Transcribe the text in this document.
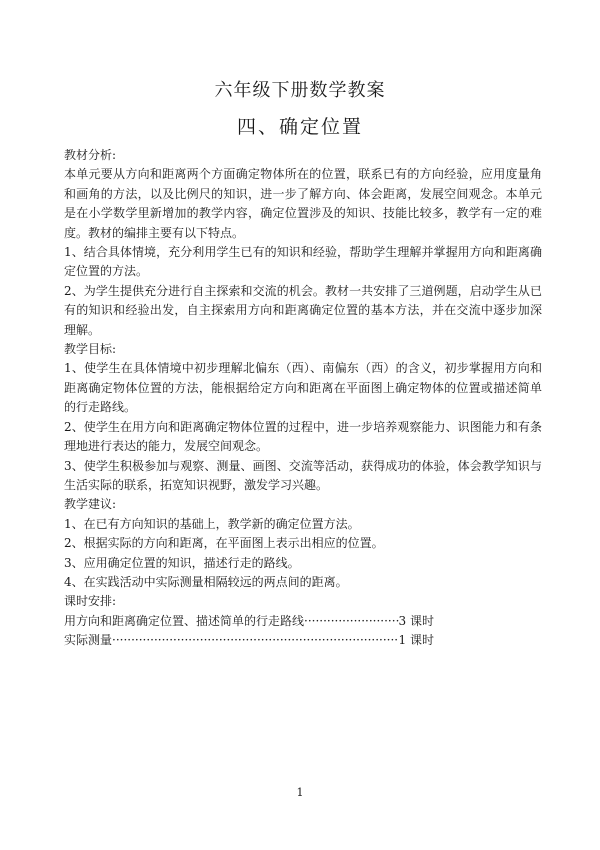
六年级下册数学教案
四、确定位置

教材分析:

本单元要从方向和距离两个方面确定物体所在的位置，联系已有的方向经验，应用度量角和画角的方法，以及比例尺的知识，进一步了解方向、体会距离，发展空间观念。本单元是在小学数学里新增加的教学内容，确定位置涉及的知识、技能比较多，教学有一定的难度。教材的编排主要有以下特点。

1、结合具体情境，充分利用学生已有的知识和经验，帮助学生理解并掌握用方向和距离确定位置的方法。

2、为学生提供充分进行自主探索和交流的机会。教材一共安排了三道例题，启动学生从已有的知识和经验出发，自主探索用方向和距离确定位置的基本方法，并在交流中逐步加深理解。

教学目标:

1、使学生在具体情境中初步理解北偏东（西）、南偏东（西）的含义，初步掌握用方向和距离确定物体位置的方法，能根据给定方向和距离在平面图上确定物体的位置或描述简单的行走路线。

2、使学生在用方向和距离确定物体位置的过程中，进一步培养观察能力、识图能力和有条理地进行表达的能力，发展空间观念。

3、使学生积极参加与观察、测量、画图、交流等活动，获得成功的体验，体会教学知识与生活实际的联系，拓宽知识视野，激发学习兴趣。

教学建议:

1、在已有方向知识的基础上，教学新的确定位置方法。

2、根据实际的方向和距离，在平面图上表示出相应的位置。

3、应用确定位置的知识，描述行走的路线。

4、在实践活动中实际测量相隔较远的两点间的距离。

课时安排:

用方向和距离确定位置、描述简单的行走路线 ·····	3 课时
实际测量 ·····	1 课时
1
